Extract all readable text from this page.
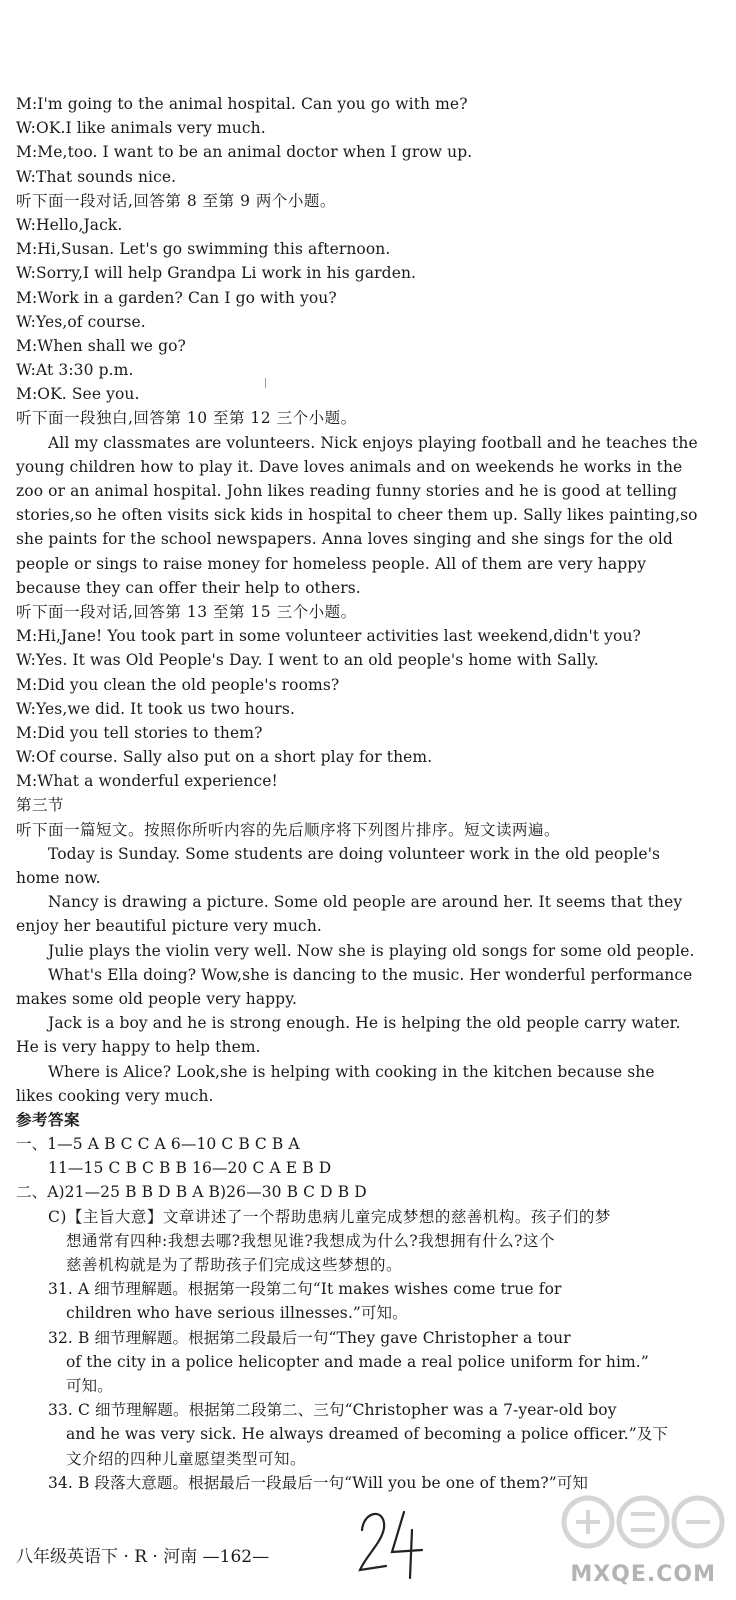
M:I'm going to the animal hospital. Can you go with me?
W:OK.I like animals very much.
M:Me,too. I want to be an animal doctor when I grow up.
W:That sounds nice.
听下面一段对话,回答第 8 至第 9 两个小题。
W:Hello,Jack.
M:Hi,Susan. Let's go swimming this afternoon.
W:Sorry,I will help Grandpa Li work in his garden.
M:Work in a garden? Can I go with you?
W:Yes,of course.
M:When shall we go?
W:At 3:30 p.m.
M:OK. See you.
听下面一段独白,回答第 10 至第 12 三个小题。
All my classmates are volunteers. Nick enjoys playing football and he teaches the
young children how to play it. Dave loves animals and on weekends he works in the
zoo or an animal hospital. John likes reading funny stories and he is good at telling
stories,so he often visits sick kids in hospital to cheer them up. Sally likes painting,so
she paints for the school newspapers. Anna loves singing and she sings for the old
people or sings to raise money for homeless people. All of them are very happy
because they can offer their help to others.
听下面一段对话,回答第 13 至第 15 三个小题。
M:Hi,Jane! You took part in some volunteer activities last weekend,didn't you?
W:Yes. It was Old People's Day. I went to an old people's home with Sally.
M:Did you clean the old people's rooms?
W:Yes,we did. It took us two hours.
M:Did you tell stories to them?
W:Of course. Sally also put on a short play for them.
M:What a wonderful experience!
第三节
听下面一篇短文。按照你所听内容的先后顺序将下列图片排序。短文读两遍。
Today is Sunday. Some students are doing volunteer work in the old people's
home now.
Nancy is drawing a picture. Some old people are around her. It seems that they
enjoy her beautiful picture very much.
Julie plays the violin very well. Now she is playing old songs for some old people.
What's Ella doing? Wow,she is dancing to the music. Her wonderful performance
makes some old people very happy.
Jack is a boy and he is strong enough. He is helping the old people carry water.
He is very happy to help them.
Where is Alice? Look,she is helping with cooking in the kitchen because she
likes cooking very much.
参考答案
一、1—5 A B C C A 6—10 C B C B A
11—15 C B C B B 16—20 C A E B D
二、A)21—25 B B D B A B)26—30 B C D B D
C)【主旨大意】文章讲述了一个帮助患病儿童完成梦想的慈善机构。孩子们的梦
想通常有四种:我想去哪?我想见谁?我想成为什么?我想拥有什么?这个
慈善机构就是为了帮助孩子们完成这些梦想的。
31. A 细节理解题。根据第一段第二句“It makes wishes come true for
children who have serious illnesses.”可知。
32. B 细节理解题。根据第二段最后一句“They gave Christopher a tour
of the city in a police helicopter and made a real police uniform for him.”
可知。
33. C 细节理解题。根据第二段第二、三句“Christopher was a 7-year-old boy
and he was very sick. He always dreamed of becoming a police officer.”及下
文介绍的四种儿童愿望类型可知。
34. B 段落大意题。根据最后一段最后一句“Will you be one of them?”可知
八年级英语下 · R · 河南 —162—
MXQE.COM
